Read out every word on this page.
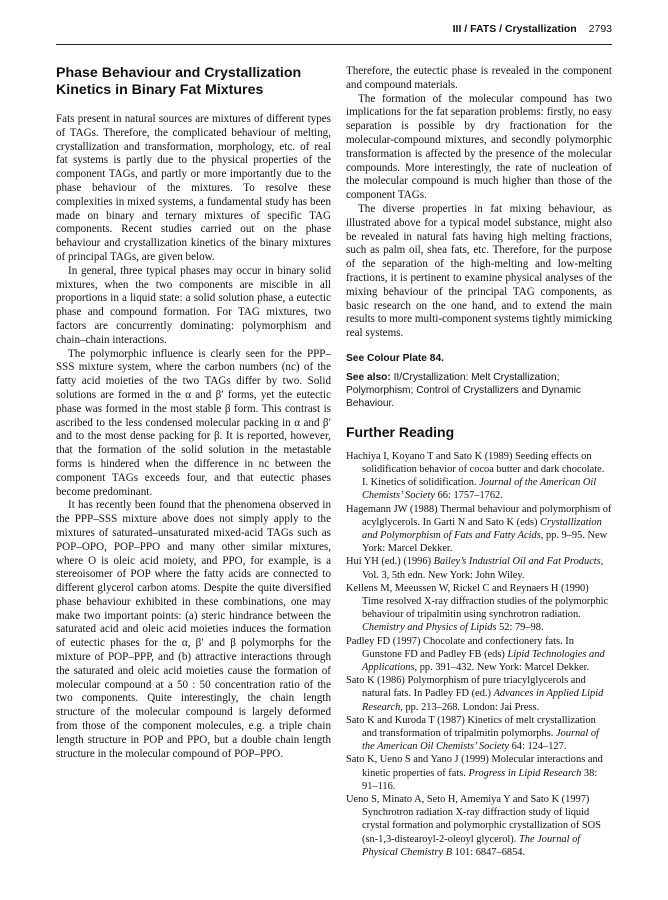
III / FATS / Crystallization 2793
Phase Behaviour and Crystallization Kinetics in Binary Fat Mixtures

Fats present in natural sources are mixtures of different types of TAGs. Therefore, the complicated behaviour of melting, crystallization and transformation, morphology, etc. of real fat systems is partly due to the physical properties of the component TAGs, and partly or more importantly due to the phase behaviour of the mixtures. To resolve these complexities in mixed systems, a fundamental study has been made on binary and ternary mixtures of specific TAG components. Recent studies carried out on the phase behaviour and crystallization kinetics of the binary mixtures of principal TAGs, are given below.

In general, three typical phases may occur in binary solid mixtures, when the two components are miscible in all proportions in a liquid state: a solid solution phase, a eutectic phase and compound formation. For TAG mixtures, two factors are concurrently dominating: polymorphism and chain–chain interactions.

The polymorphic influence is clearly seen for the PPP–SSS mixture system, where the carbon numbers (nc) of the fatty acid moieties of the two TAGs differ by two. Solid solutions are formed in the α and β′ forms, yet the eutectic phase was formed in the most stable β form. This contrast is ascribed to the less condensed molecular packing in α and β′ and to the most dense packing for β. It is reported, however, that the formation of the solid solution in the metastable forms is hindered when the difference in nc between the component TAGs exceeds four, and that eutectic phases become predominant.

It has recently been found that the phenomena observed in the PPP–SSS mixture above does not simply apply to the mixtures of saturated–unsaturated mixed-acid TAGs such as POP–OPO, POP–PPO and many other similar mixtures, where O is oleic acid moiety, and PPO, for example, is a stereoisomer of POP where the fatty acids are connected to different glycerol carbon atoms. Despite the quite diversified phase behaviour exhibited in these combinations, one may make two important points: (a) steric hindrance between the saturated acid and oleic acid moieties induces the formation of eutectic phases for the α, β′ and β polymorphs for the mixture of POP–PPP, and (b) attractive interactions through the saturated and oleic acid moieties cause the formation of molecular compound at a 50 : 50 concentration ratio of the two components. Quite interestingly, the chain length structure of the molecular compound is largely deformed from those of the component molecules, e.g. a triple chain length structure in POP and PPO, but a double chain length structure in the molecular compound of POP–PPO.

Therefore, the eutectic phase is revealed in the component and compound materials.

The formation of the molecular compound has two implications for the fat separation problems: firstly, no easy separation is possible by dry fractionation for the molecular-compound mixtures, and secondly polymorphic transformation is affected by the presence of the molecular compounds. More interestingly, the rate of nucleation of the molecular compound is much higher than those of the component TAGs.

The diverse properties in fat mixing behaviour, as illustrated above for a typical model substance, might also be revealed in natural fats having high melting fractions, such as palm oil, shea fats, etc. Therefore, for the purpose of the separation of the high-melting and low-melting fractions, it is pertinent to examine physical analyses of the mixing behaviour of the principal TAG components, as basic research on the one hand, and to extend the main results to more multi-component systems tightly mimicking real systems.

See Colour Plate 84.
See also: II/Crystallization: Melt Crystallization; Polymorphism; Control of Crystallizers and Dynamic Behaviour.
Further Reading
Hachiya I, Koyano T and Sato K (1989) Seeding effects on solidification behavior of cocoa butter and dark chocolate. I. Kinetics of solidification. Journal of the American Oil Chemists’ Society 66: 1757–1762.
Hagemann JW (1988) Thermal behaviour and polymorphism of acylglycerols. In Garti N and Sato K (eds) Crystallization and Polymorphism of Fats and Fatty Acids, pp. 9–95. New York: Marcel Dekker.
Hui YH (ed.) (1996) Bailey’s Industrial Oil and Fat Products, Vol. 3, 5th edn. New York: John Wiley.
Kellens M, Meeussen W, Rickel C and Reynaers H (1990) Time resolved X-ray diffraction studies of the polymorphic behaviour of tripalmitin using synchrotron radiation. Chemistry and Physics of Lipids 52: 79–98.
Padley FD (1997) Chocolate and confectionery fats. In Gunstone FD and Padley FB (eds) Lipid Technologies and Applications, pp. 391–432. New York: Marcel Dekker.
Sato K (1986) Polymorphism of pure triacylglycerols and natural fats. In Padley FD (ed.) Advances in Applied Lipid Research, pp. 213–268. London: Jai Press.
Sato K and Kuroda T (1987) Kinetics of melt crystallization and transformation of tripalmitin polymorphs. Journal of the American Oil Chemists’ Society 64: 124–127.
Sato K, Ueno S and Yano J (1999) Molecular interactions and kinetic properties of fats. Progress in Lipid Research 38: 91–116.
Ueno S, Minato A, Seto H, Amemiya Y and Sato K (1997) Synchrotron radiation X-ray diffraction study of liquid crystal formation and polymorphic crystallization of SOS (sn-1,3-distearoyl-2-oleoyl glycerol). The Journal of Physical Chemistry B 101: 6847–6854.
